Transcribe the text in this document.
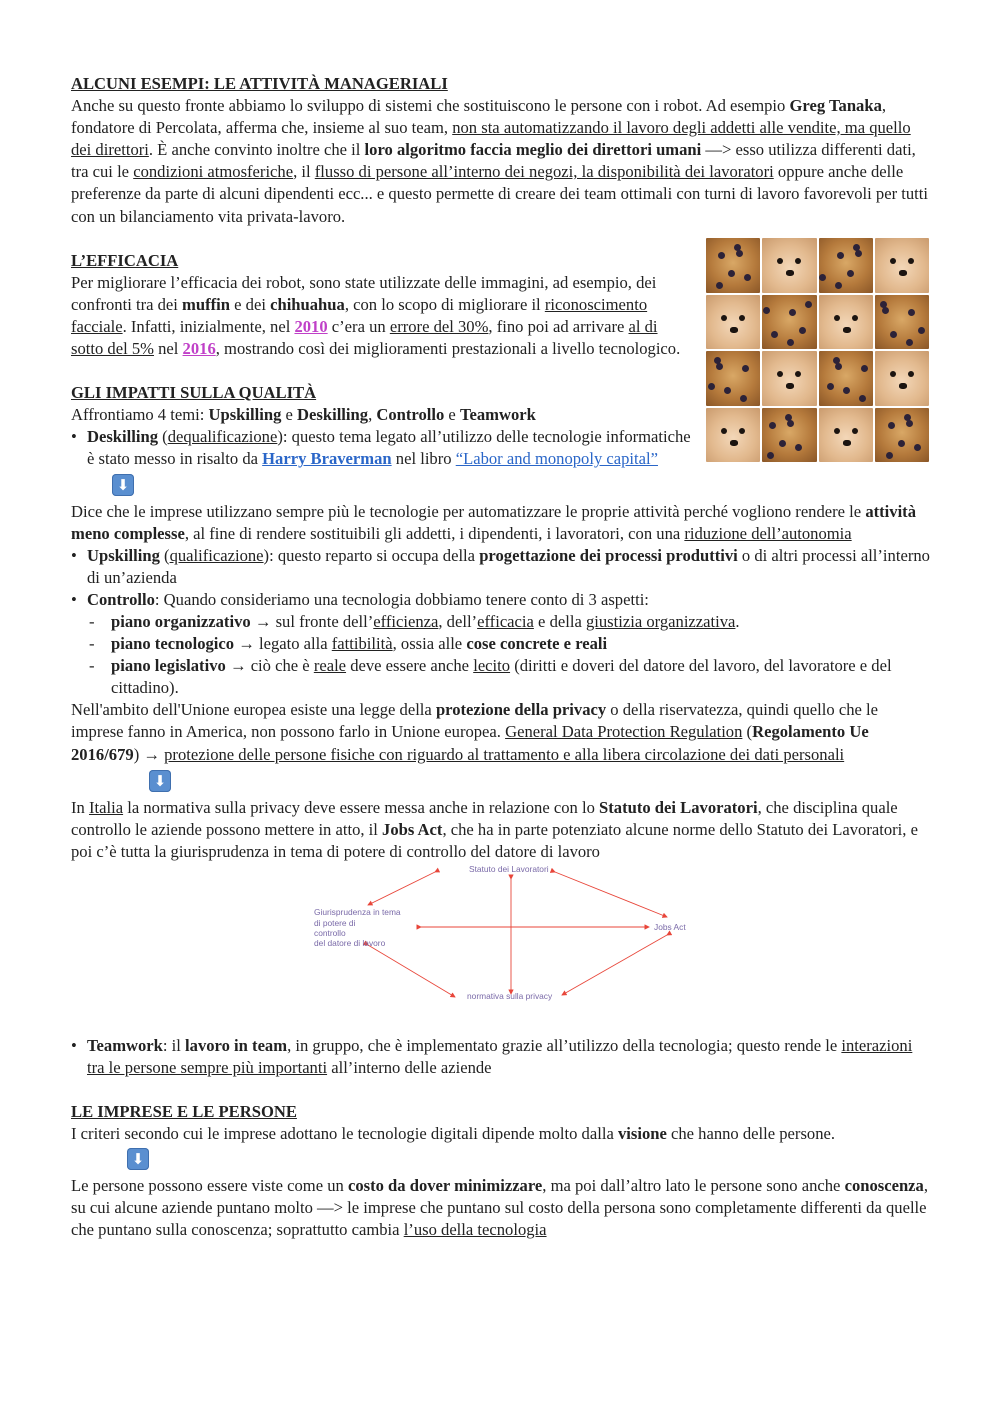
ALCUNI ESEMPI: LE ATTIVITÀ MANAGERIALI

Anche su questo fronte abbiamo lo sviluppo di sistemi che sostituiscono le persone con i robot. Ad esempio Greg Tanaka, fondatore di Percolata, afferma che, insieme al suo team, non sta automatizzando il lavoro degli addetti alle vendite, ma quello dei direttori. È anche convinto inoltre che il loro algoritmo faccia meglio dei direttori umani —> esso utilizza differenti dati, tra cui le condizioni atmosferiche, il flusso di persone all’interno dei negozi, la disponibilità dei lavoratori oppure anche delle preferenze da parte di alcuni dipendenti ecc... e questo permette di creare dei team ottimali con turni di lavoro favorevoli per tutti con un bilanciamento vita privata-lavoro.

L’EFFICACIA

Per migliorare l’efficacia dei robot, sono state utilizzate delle immagini, ad esempio, dei confronti tra dei muffin e dei chihuahua, con lo scopo di migliorare il riconoscimento facciale. Infatti, inizialmente, nel 2010 c’era un errore del 30%, fino poi ad arrivare al di sotto del 5% nel 2016, mostrando così dei miglioramenti prestazionali a livello tecnologico.

GLI IMPATTI SULLA QUALITÀ

Affrontiamo 4 temi: Upskilling e Deskilling, Controllo e Teamwork

• Deskilling (dequalificazione): questo tema legato all’utilizzo delle tecnologie informatiche è stato messo in risalto da Harry Braverman nel libro “Labor and monopoly capital”

⬇

Dice che le imprese utilizzano sempre più le tecnologie per automatizzare le proprie attività perché vogliono rendere le attività meno complesse, al fine di rendere sostituibili gli addetti, i dipendenti, i lavoratori, con una riduzione dell’autonomia

• Upskilling (qualificazione): questo reparto si occupa della progettazione dei processi produttivi o di altri processi all’interno di un’azienda

• Controllo: Quando consideriamo una tecnologia dobbiamo tenere conto di 3 aspetti:

- piano organizzativo → sul fronte dell’efficienza, dell’efficacia e della giustizia organizzativa.

- piano tecnologico → legato alla fattibilità, ossia alle cose concrete e reali

- piano legislativo → ciò che è reale deve essere anche lecito (diritti e doveri del datore del lavoro, del lavoratore e del cittadino).

Nell'ambito dell'Unione europea esiste una legge della protezione della privacy o della riservatezza, quindi quello che le imprese fanno in America, non possono farlo in Unione europea. General Data Protection Regulation (Regolamento Ue 2016/679) → protezione delle persone fisiche con riguardo al trattamento e alla libera circolazione dei dati personali

⬇

In Italia la normativa sulla privacy deve essere messa anche in relazione con lo Statuto dei Lavoratori, che disciplina quale controllo le aziende possono mettere in atto, il Jobs Act, che ha in parte potenziato alcune norme dello Statuto dei Lavoratori, e poi c’è tutta la giurisprudenza in tema di potere di controllo del datore di lavoro

Statuto dei Lavoratori
Giurisprudenza in tema
di potere di
controllo
del datore di lavoro
Jobs Act
normativa sulla privacy

• Teamwork: il lavoro in team, in gruppo, che è implementato grazie all’utilizzo della tecnologia; questo rende le interazioni tra le persone sempre più importanti all’interno delle aziende

LE IMPRESE E LE PERSONE

I criteri secondo cui le imprese adottano le tecnologie digitali dipende molto dalla visione che hanno delle persone.

⬇

Le persone possono essere viste come un costo da dover minimizzare, ma poi dall’altro lato le persone sono anche conoscenza, su cui alcune aziende puntano molto —> le imprese che puntano sul costo della persona sono completamente differenti da quelle che puntano sulla conoscenza; soprattutto cambia l’uso della tecnologia
